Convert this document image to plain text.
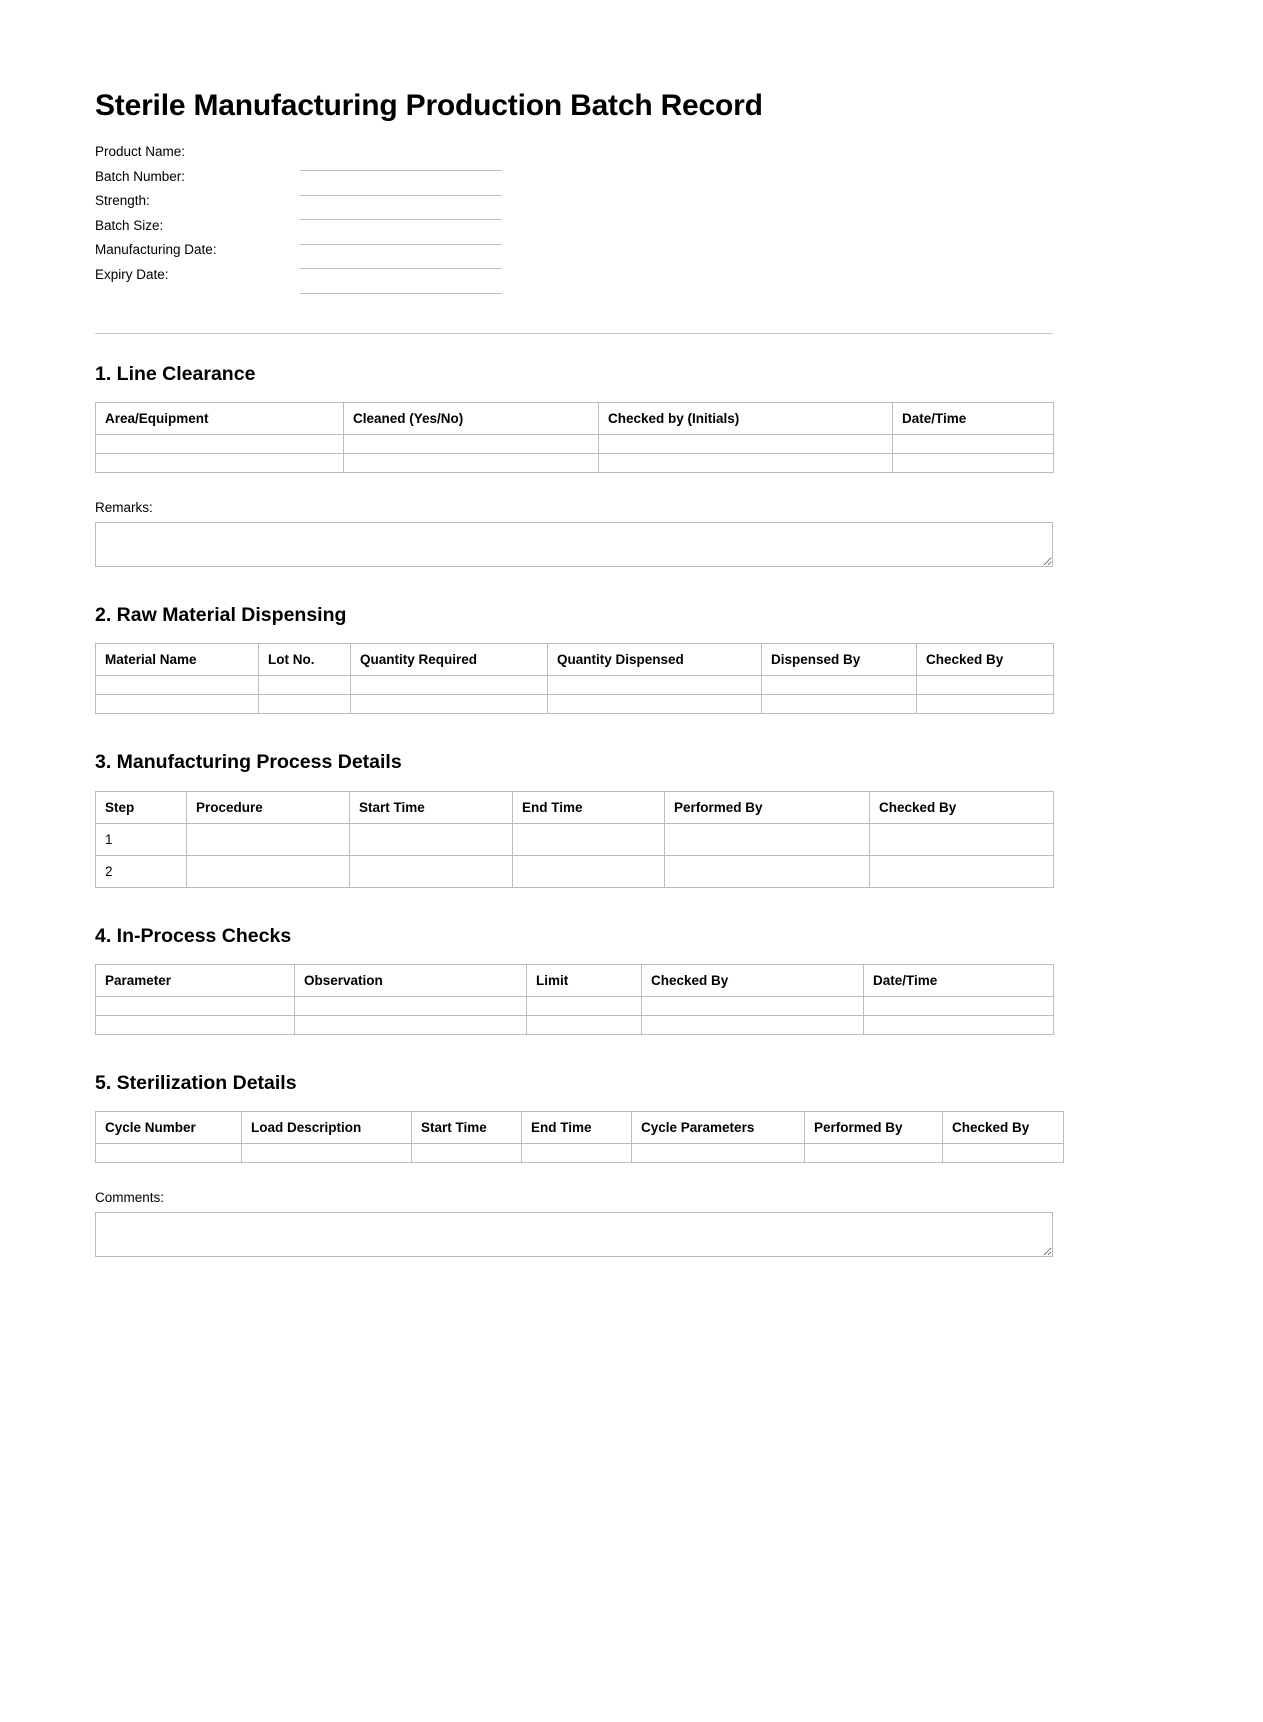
Sterile Manufacturing Production Batch Record
Product Name:
Batch Number:
Strength:
Batch Size:
Manufacturing Date:
Expiry Date:
1. Line Clearance
Area/Equipment	Cleaned (Yes/No)	Checked by (Initials)	Date/Time

Remarks:
2. Raw Material Dispensing
Material Name	Lot No.	Quantity Required	Quantity Dispensed	Dispensed By	Checked By

3. Manufacturing Process Details
Step	Procedure	Start Time	End Time	Performed By	Checked By
1					
2					
4. In-Process Checks
Parameter	Observation	Limit	Checked By	Date/Time

5. Sterilization Details
Cycle Number	Load Description	Start Time	End Time	Cycle Parameters	Performed By	Checked By

Comments:
